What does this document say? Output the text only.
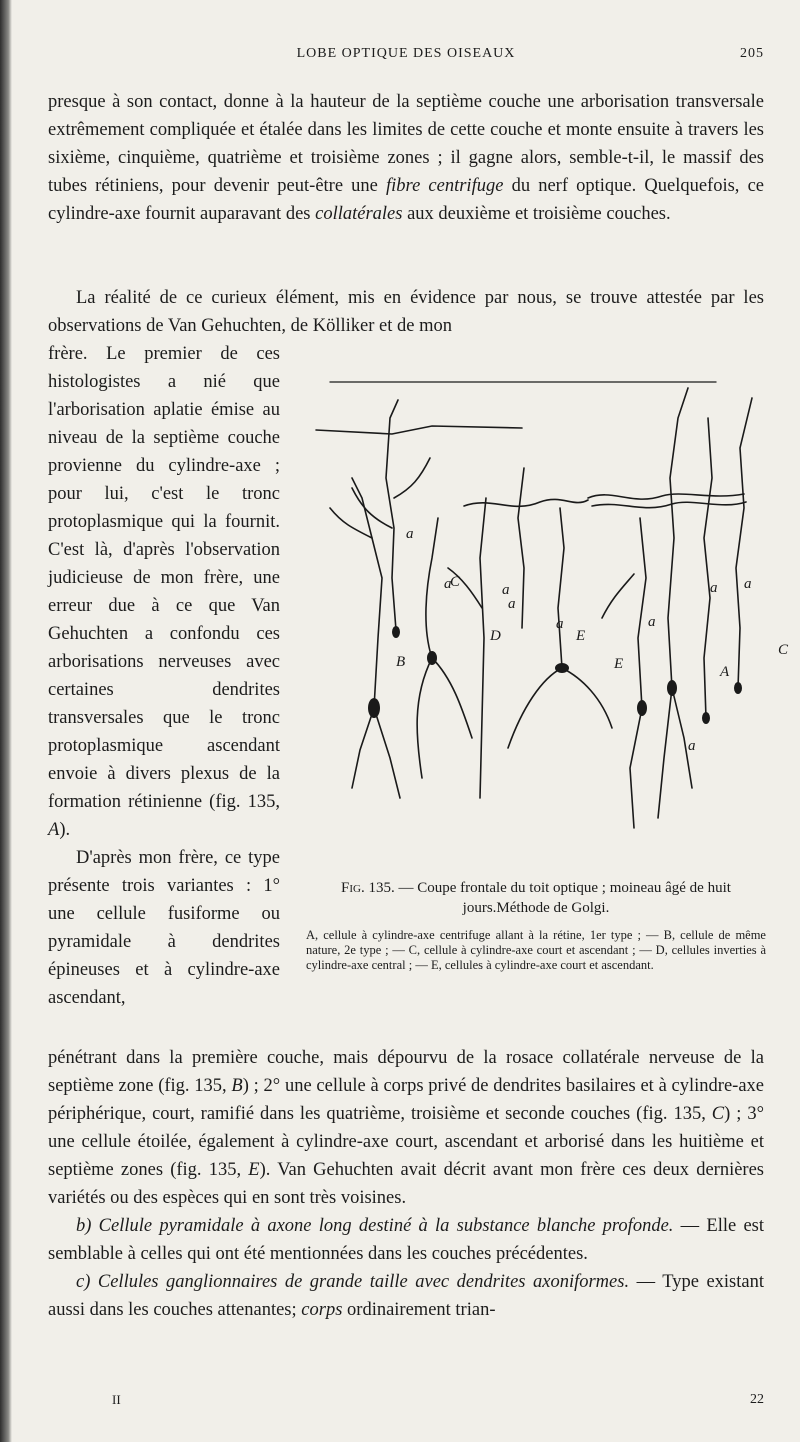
LOBE OPTIQUE DES OISEAUX	205
presque à son contact, donne à la hauteur de la septième couche une arborisation transversale extrêmement compliquée et étalée dans les limites de cette couche et monte ensuite à travers les sixième, cinquième, quatrième et troisième zones ; il gagne alors, semble-t-il, le massif des tubes rétiniens, pour devenir peut-être une fibre centrifuge du nerf optique. Quelquefois, ce cylindre-axe fournit auparavant des collatérales aux deuxième et troisième couches.
La réalité de ce curieux élément, mis en évidence par nous, se trouve attestée par les observations de Van Gehuchten, de Kölliker et de mon

frère. Le premier de ces histologistes a nié que l'arborisation aplatie émise au niveau de la septième couche provienne du cylindre-axe ; pour lui, c'est le tronc protoplasmique qui la fournit. C'est là, d'après l'observation judicieuse de mon frère, une erreur due à ce que Van Gehuchten a confondu ces arborisations nerveuses avec certaines dendrites transversales que le tronc protoplasmique ascendant envoie à divers plexus de la formation rétinienne (fig. 135, A).

D'après mon frère, ce type présente trois variantes : 1° une cellule fusiforme ou pyramidale à dendrites épineuses et à cylindre-axe ascendant,

a
a
a
a	a
a
a	a
a
A
B
C
C
D	E
E

Fig. 135. — Coupe frontale du toit optique ; moineau âgé de huit jours.Méthode de Golgi.

A, cellule à cylindre-axe centrifuge allant à la rétine, 1er type ; — B, cellule de même nature, 2e type ; — C, cellule à cylindre-axe court et ascendant ; — D, cellules inverties à cylindre-axe central ; — E, cellules à cylindre-axe court et ascendant.

pénétrant dans la première couche, mais dépourvu de la rosace collatérale nerveuse de la septième zone (fig. 135, B) ; 2° une cellule à corps privé de dendrites basilaires et à cylindre-axe périphérique, court, ramifié dans les quatrième, troisième et seconde couches (fig. 135, C) ; 3° une cellule étoilée, également à cylindre-axe court, ascendant et arborisé dans les huitième et septième zones (fig. 135, E). Van Gehuchten avait décrit avant mon frère ces deux dernières variétés ou des espèces qui en sont très voisines.

b) Cellule pyramidale à axone long destiné à la substance blanche profonde. — Elle est semblable à celles qui ont été mentionnées dans les couches précédentes.

c) Cellules ganglionnaires de grande taille avec dendrites axoniformes. — Type existant aussi dans les couches attenantes; corps ordinairement trian-

II	22
